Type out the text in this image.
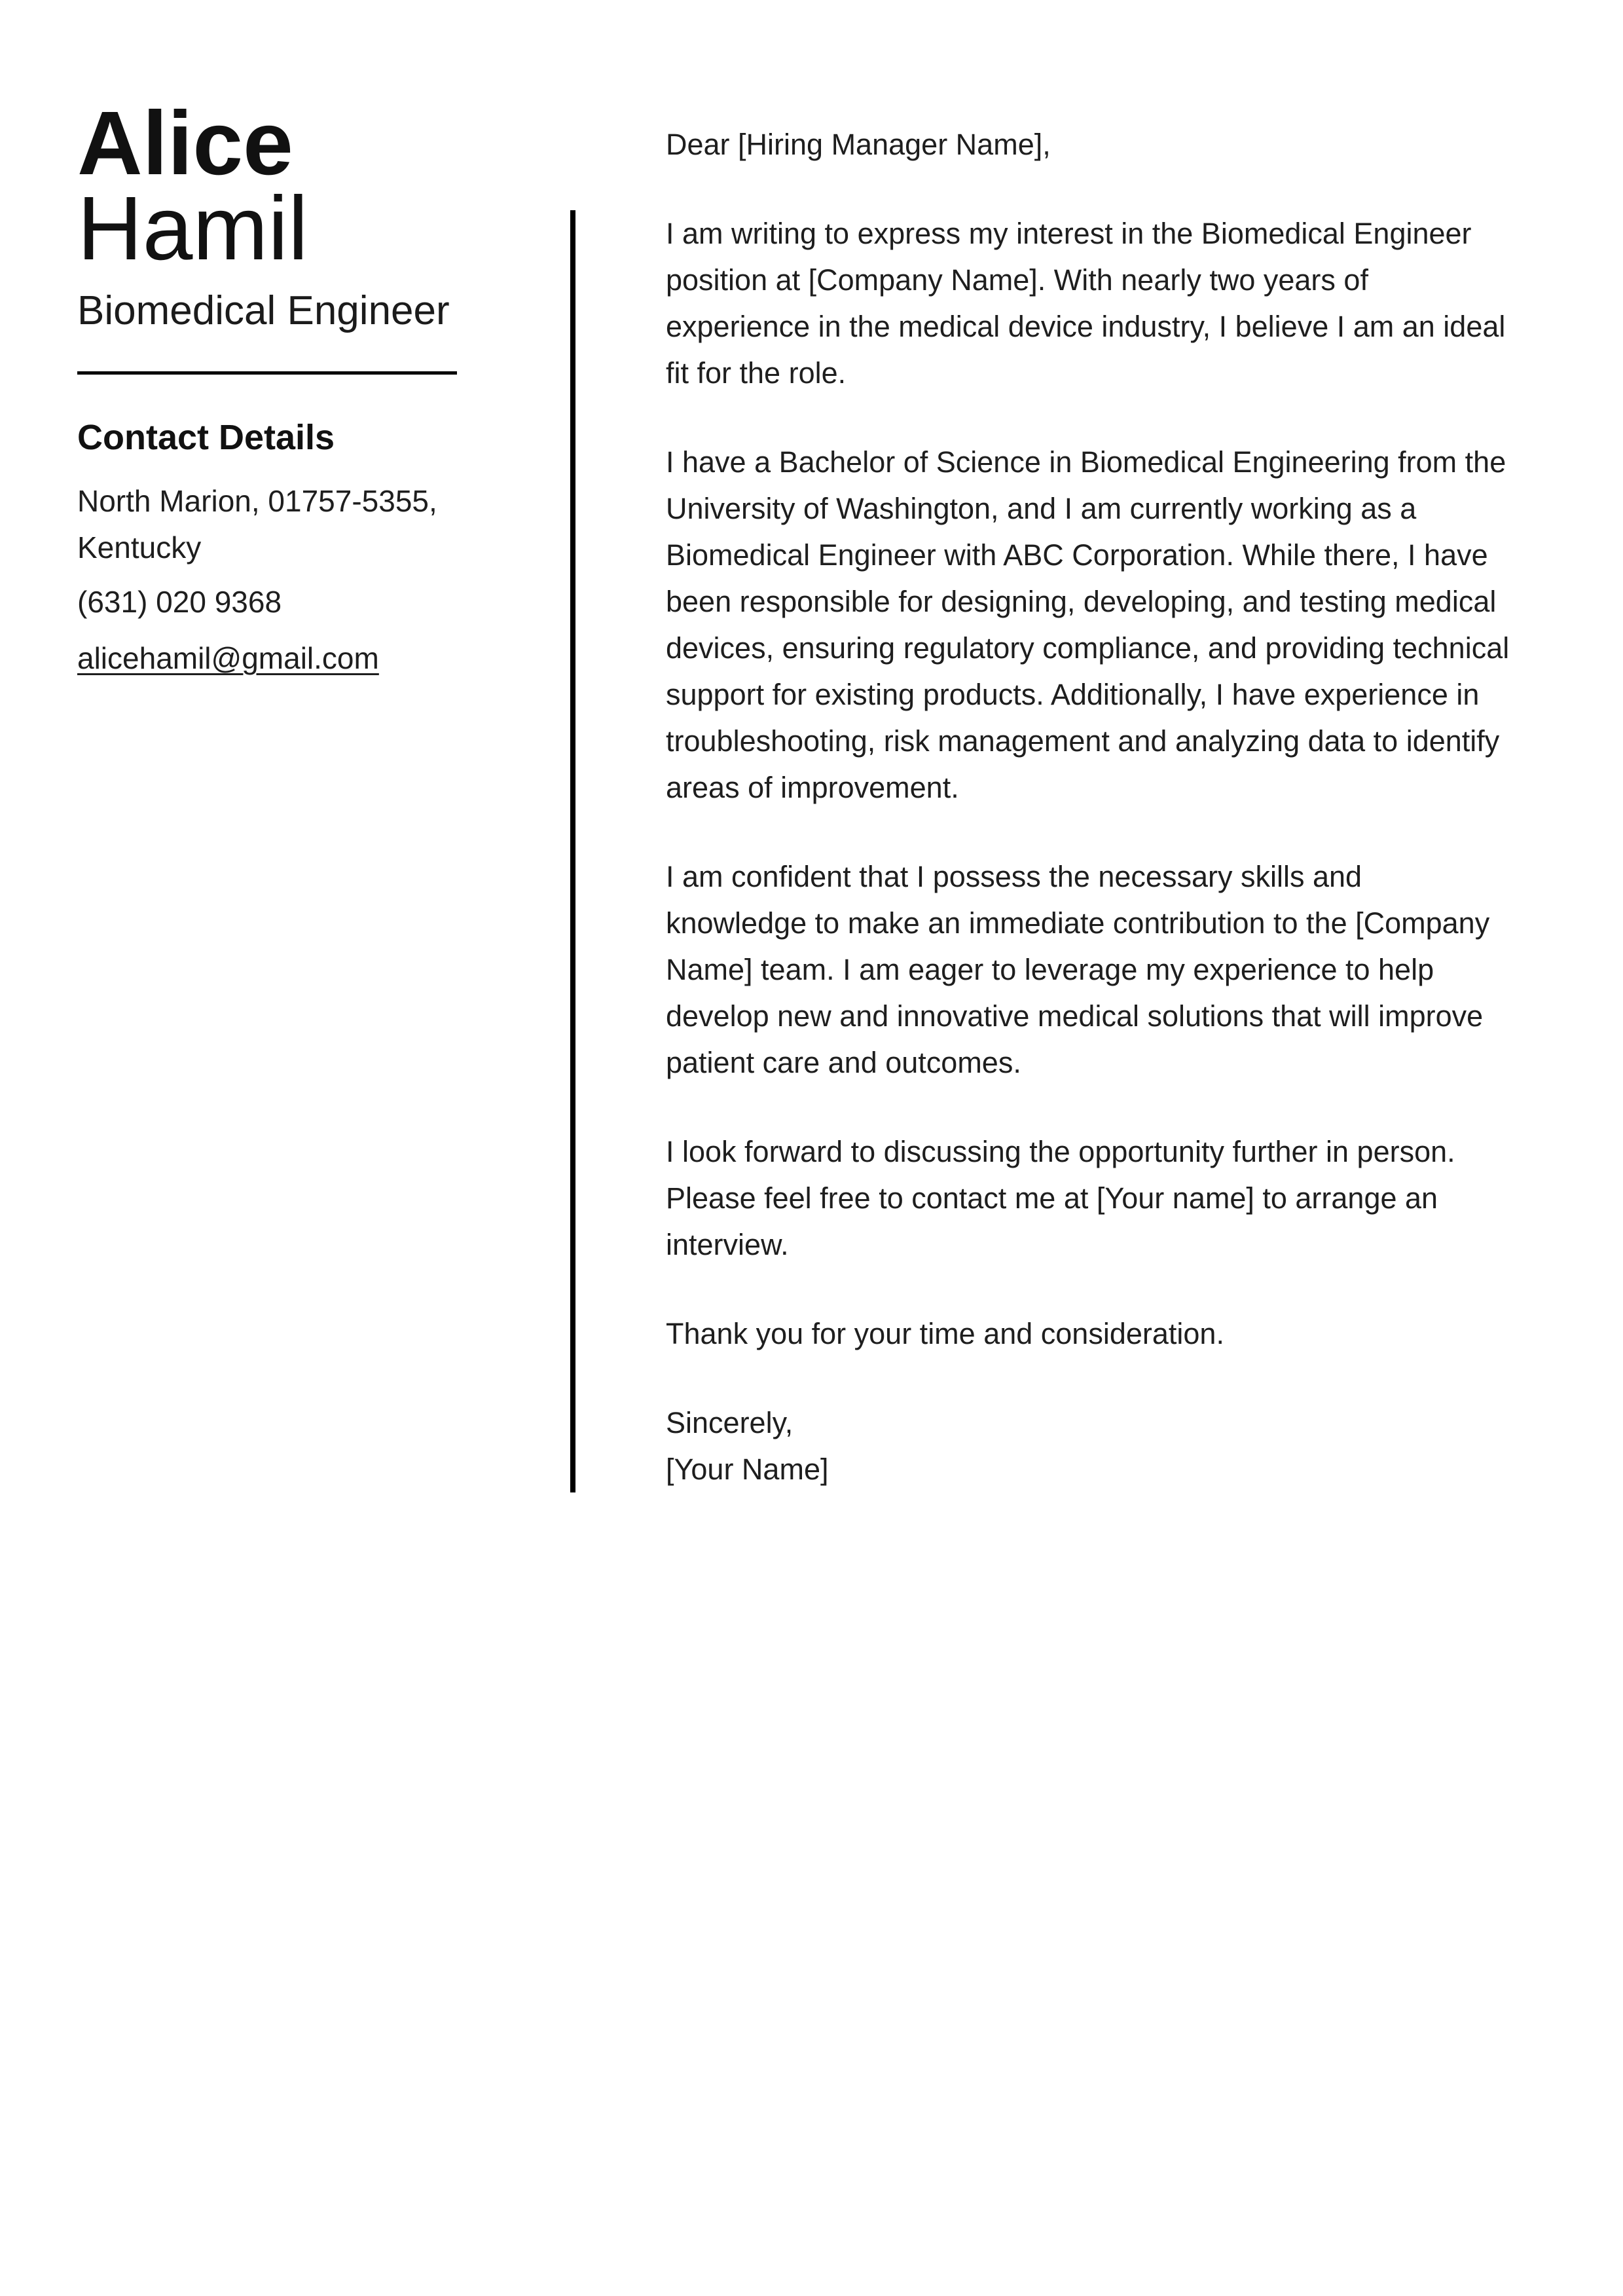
Alice
Hamil
Biomedical Engineer
Contact Details
North Marion, 01757-5355,
Kentucky
(631) 020 9368
alicehamil@gmail.com

Dear [Hiring Manager Name],

I am writing to express my interest in the Biomedical Engineer position at [Company Name]. With nearly two years of experience in the medical device industry, I believe I am an ideal fit for the role.

I have a Bachelor of Science in Biomedical Engineering from the University of Washington, and I am currently working as a Biomedical Engineer with ABC Corporation. While there, I have been responsible for designing, developing, and testing medical devices, ensuring regulatory compliance, and providing technical support for existing products. Additionally, I have experience in troubleshooting, risk management and analyzing data to identify areas of improvement.

I am confident that I possess the necessary skills and knowledge to make an immediate contribution to the [Company Name] team. I am eager to leverage my experience to help develop new and innovative medical solutions that will improve patient care and outcomes.

I look forward to discussing the opportunity further in person. Please feel free to contact me at [Your name] to arrange an interview.

Thank you for your time and consideration.

Sincerely,
[Your Name]
